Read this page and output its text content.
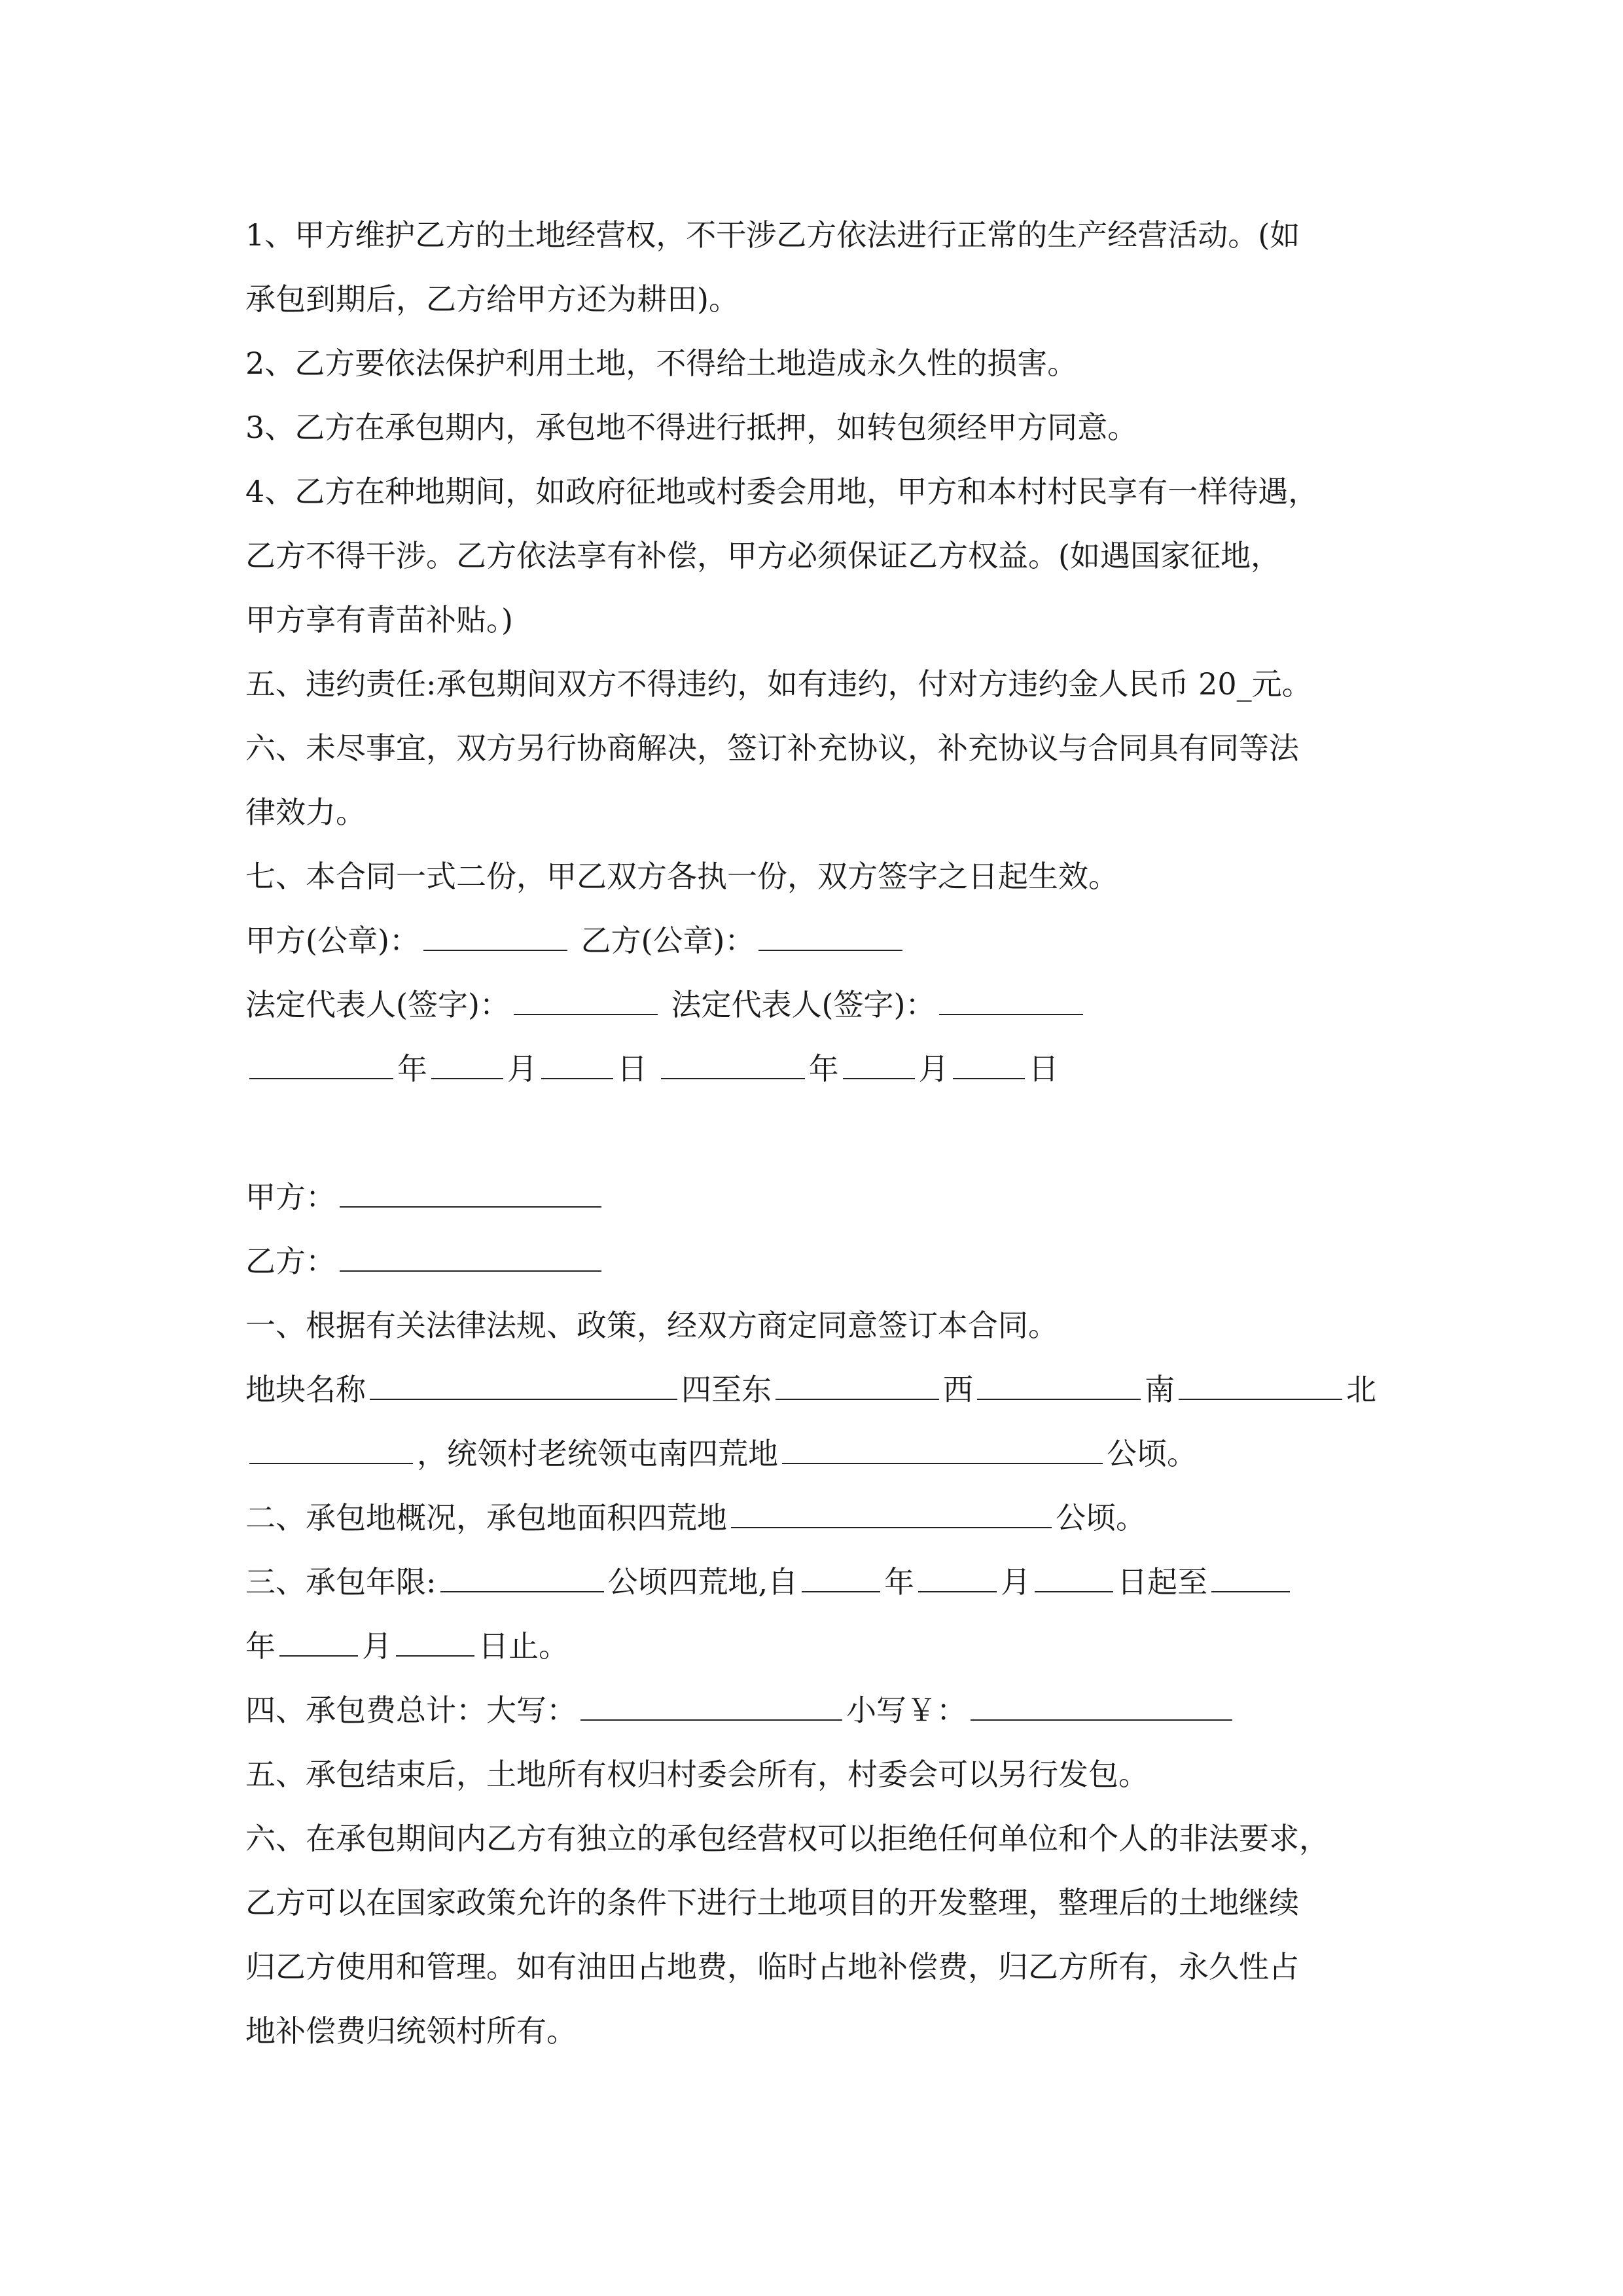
1、甲方维护乙方的土地经营权，不干涉乙方依法进行正常的生产经营活动。(如
承包到期后，乙方给甲方还为耕田)。
2、乙方要依法保护利用土地，不得给土地造成永久性的损害。
3、乙方在承包期内，承包地不得进行抵押，如转包须经甲方同意。
4、乙方在种地期间，如政府征地或村委会用地，甲方和本村村民享有一样待遇，
乙方不得干涉。乙方依法享有补偿，甲方必须保证乙方权益。(如遇国家征地，
甲方享有青苗补贴。)
五、违约责任:承包期间双方不得违约，如有违约，付对方违约金人民币 20_元。
六、未尽事宜，双方另行协商解决，签订补充协议，补充协议与合同具有同等法
律效力。
七、本合同一式二份，甲乙双方各执一份，双方签字之日起生效。
甲方(公章)：	乙方(公章)：
法定代表人(签字)：	法定代表人(签字)：
年	月	日	年	月	日
甲方：
乙方：
一、根据有关法律法规、政策，经双方商定同意签订本合同。
地块名称	四至东	西	南	北
，统领村老统领屯南四荒地	公顷。
二、承包地概况，承包地面积四荒地	公顷。
三、承包年限:	公顷四荒地,自	年	月	日起至
年	月	日止。
四、承包费总计：大写：	小写￥：
五、承包结束后，土地所有权归村委会所有，村委会可以另行发包。
六、在承包期间内乙方有独立的承包经营权可以拒绝任何单位和个人的非法要求，
乙方可以在国家政策允许的条件下进行土地项目的开发整理，整理后的土地继续
归乙方使用和管理。如有油田占地费，临时占地补偿费，归乙方所有，永久性占
地补偿费归统领村所有。
